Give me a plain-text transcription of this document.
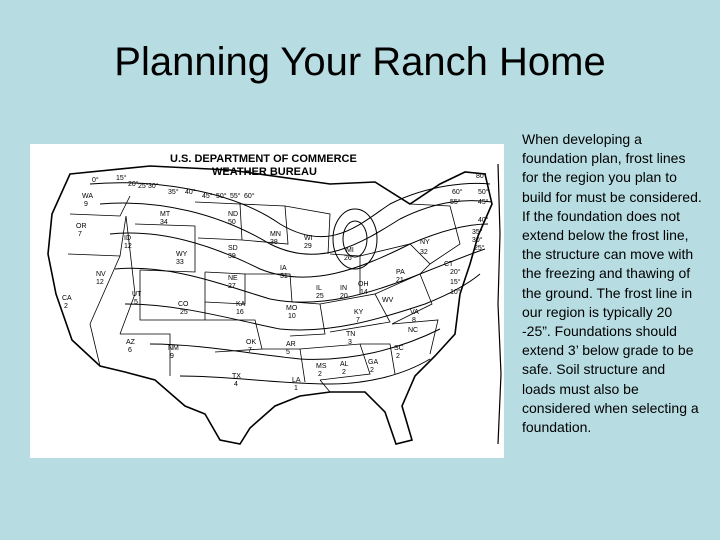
Planning Your Ranch Home
U.S. DEPARTMENT OF COMMERCE
WEATHER BUREAU
0° 15°
20° 25° 30°
35° 40°
45° 50° 55° 60°
80°
60°
55°
50°
45°
40°
35°
30°
25°
20°
15°
10°
WA
9
OR
7
CA
2
NV
12
ID
12
MT
34
WY
33
UT
5
AZ
6
CO
25
NM
9
ND
50
SD
39
NE
27
KA
16
OK
7
TX
4
MN
38
IA
31
MO
10
AR
5
LA
1
WI
29
IL
25
MI
26
IN
20
OH
14
KY
7
TN
3
MS
2
AL
2
GA
2
SC
2
NC
VA
8
WV
PA
21
NY
32
CT
When developing a foundation plan, frost lines for the region you plan to build for must be considered. If the foundation does not extend below the frost line, the structure can move with the freezing and thawing of the ground. The frost line in our region is typically 20 -25”. Foundations should extend 3’ below grade to be safe. Soil structure and loads must also be considered when selecting a foundation.
